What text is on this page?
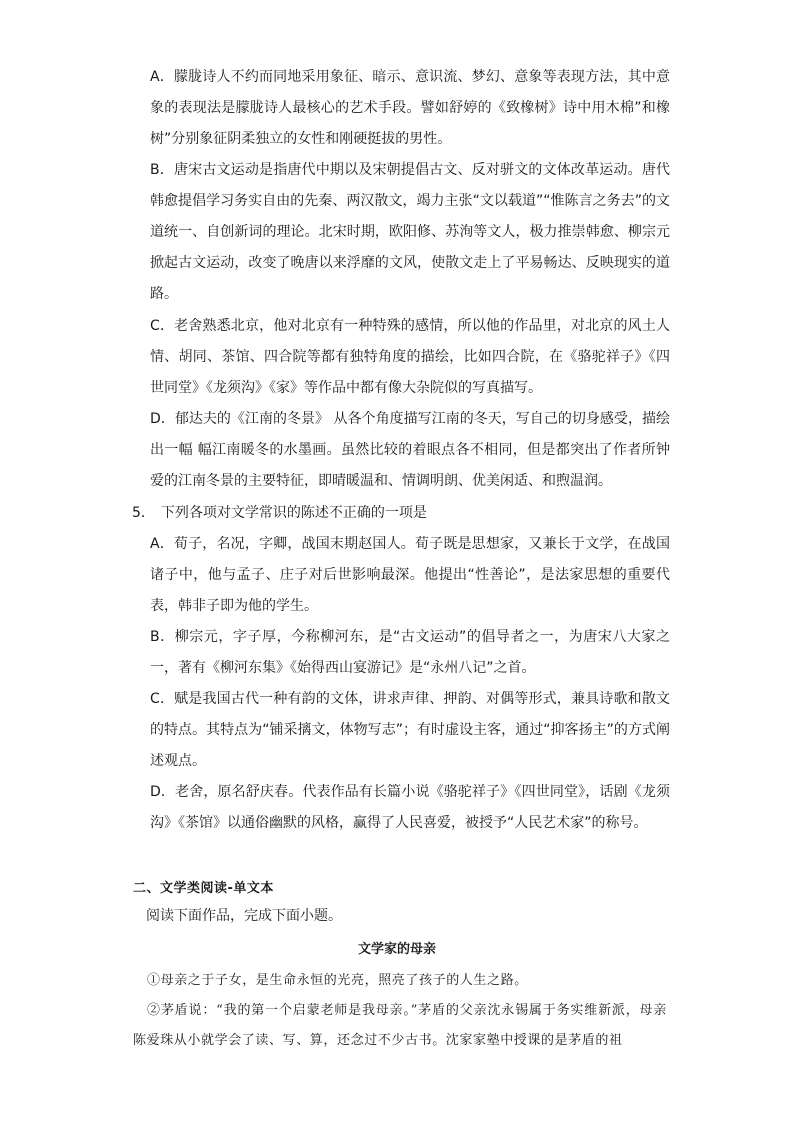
A．朦胧诗人不约而同地采用象征、暗示、意识流、梦幻、意象等表现方法，其中意象的表现法是朦胧诗人最核心的艺术手段。譬如舒婷的《致橡树》诗中用木棉”和橡树”分别象征阴柔独立的女性和刚硬挺拔的男性。

B．唐宋古文运动是指唐代中期以及宋朝提倡古文、反对骈文的文体改革运动。唐代韩愈提倡学习务实自由的先秦、两汉散文，竭力主张“文以载道”“惟陈言之务去”的文道统一、自创新词的理论。北宋时期，欧阳修、苏洵等文人，极力推崇韩愈、柳宗元掀起古文运动，改变了晚唐以来浮靡的文风，使散文走上了平易畅达、反映现实的道路。

C．老舍熟悉北京，他对北京有一种特殊的感情，所以他的作品里，对北京的风土人情、胡同、茶馆、四合院等都有独特角度的描绘，比如四合院，在《骆驼祥子》《四世同堂》《龙须沟》《家》等作品中都有像大杂院似的写真描写。

D．郁达夫的《江南的冬景》 从各个角度描写江南的冬天，写自己的切身感受，描绘出一幅 幅江南暖冬的水墨画。虽然比较的着眼点各不相同，但是都突出了作者所钟爱的江南冬景的主要特征，即晴暖温和、情调明朗、优美闲适、和煦温润。

5． 下列各项对文学常识的陈述不正确的一项是

A．荀子，名况，字卿，战国末期赵国人。荀子既是思想家，又兼长于文学，在战国诸子中，他与孟子、庄子对后世影响最深。他提出“性善论”，是法家思想的重要代表，韩非子即为他的学生。

B．柳宗元，字子厚，今称柳河东，是“古文运动”的倡导者之一，为唐宋八大家之一，著有《柳河东集》《始得西山宴游记》是“永州八记”之首。

C．赋是我国古代一种有韵的文体，讲求声律、押韵、对偶等形式，兼具诗歌和散文的特点。其特点为“铺采摛文，体物写志”；有时虚设主客，通过“抑客扬主”的方式阐述观点。

D．老舍，原名舒庆春。代表作品有长篇小说《骆驼祥子》《四世同堂》，话剧《龙须沟》《茶馆》以通俗幽默的风格，赢得了人民喜爱，被授予“人民艺术家”的称号。

二、文学类阅读-单文本
阅读下面作品，完成下面小题。
文学家的母亲

①母亲之于子女，是生命永恒的光亮，照亮了孩子的人生之路。

②茅盾说：“我的第一个启蒙老师是我母亲。”茅盾的父亲沈永锡属于务实维新派，母亲陈爱珠从小就学会了读、写、算，还念过不少古书。沈家家塾中授课的是茅盾的祖
